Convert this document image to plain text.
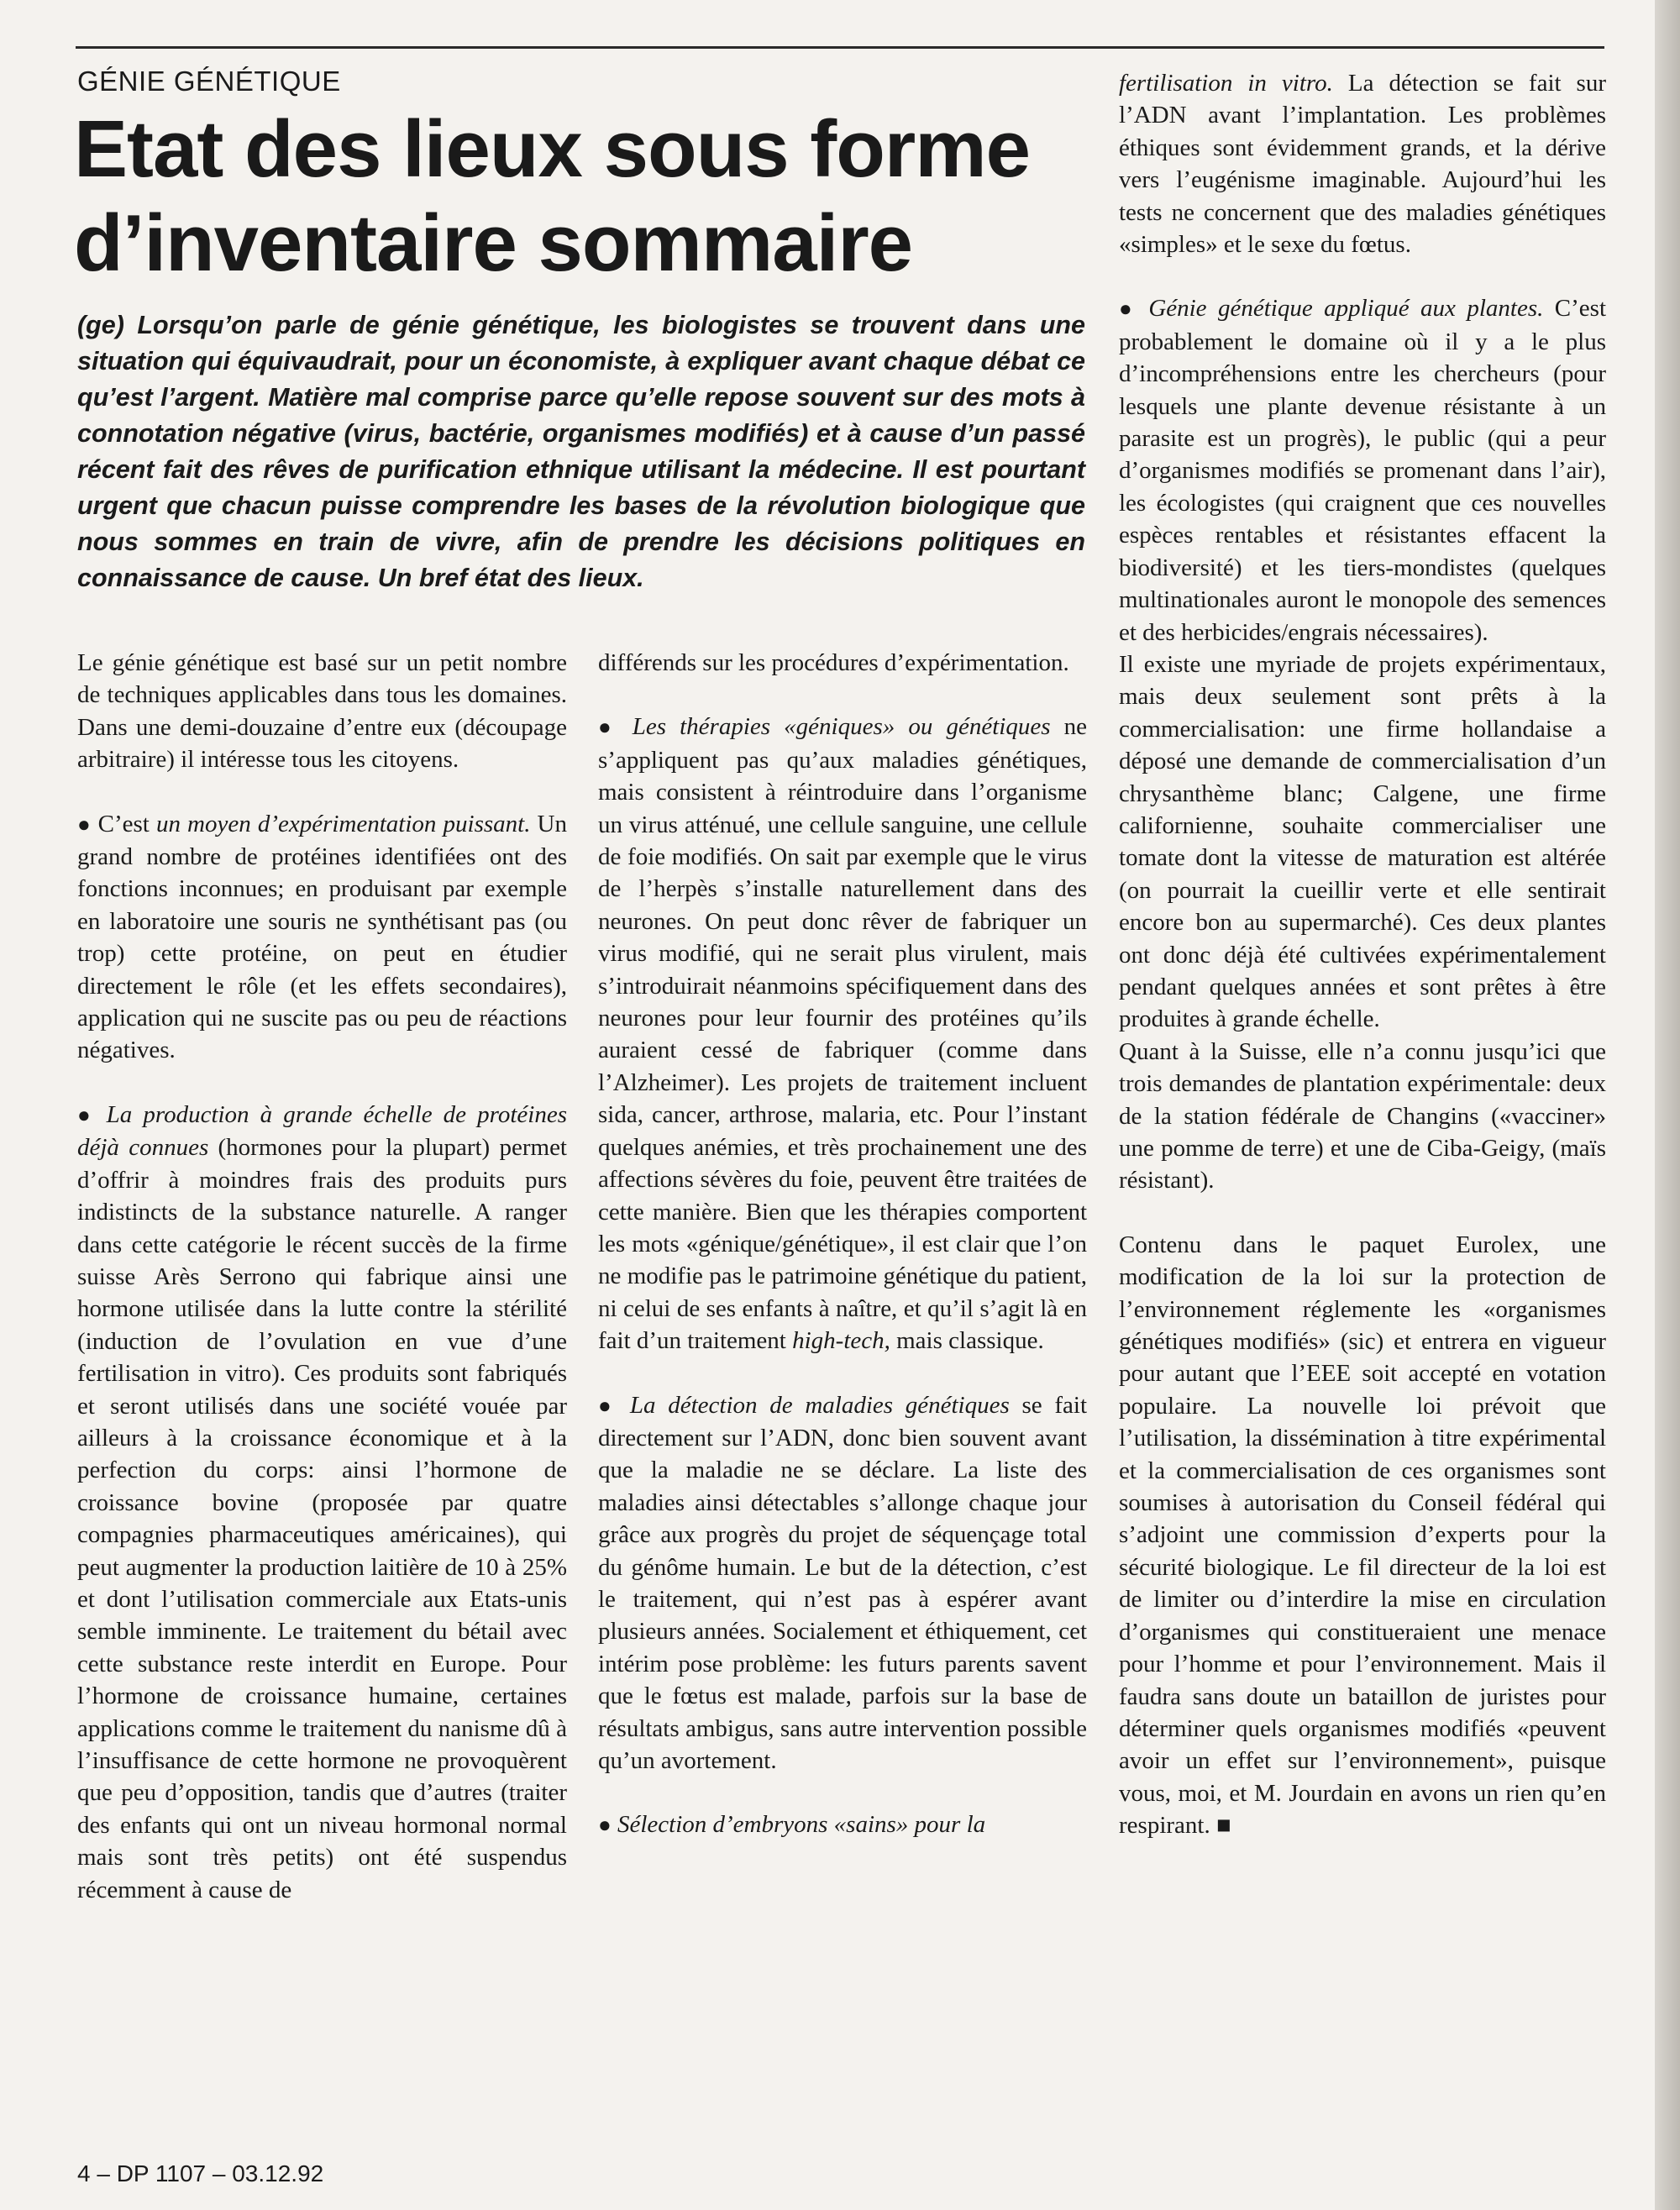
GÉNIE GÉNÉTIQUE
Etat des lieux sous forme d’inventaire sommaire
(ge) Lorsqu’on parle de génie génétique, les biologistes se trouvent dans une situation qui équivaudrait, pour un économiste, à expliquer avant chaque débat ce qu’est l’argent. Matière mal comprise parce qu’elle repose souvent sur des mots à connotation négative (virus, bactérie, organismes modifiés) et à cause d’un passé récent fait des rêves de purification ethnique utilisant la médecine. Il est pourtant urgent que chacun puisse comprendre les bases de la révolution biologique que nous sommes en train de vivre, afin de prendre les décisions politiques en connaissance de cause. Un bref état des lieux.

Le génie génétique est basé sur un petit nombre de techniques applicables dans tous les domaines. Dans une demi-douzaine d’entre eux (découpage arbitraire) il intéresse tous les citoyens.

● C’est un moyen d’expérimentation puissant. Un grand nombre de protéines identifiées ont des fonctions inconnues; en produisant par exemple en laboratoire une souris ne synthétisant pas (ou trop) cette protéine, on peut en étudier directement le rôle (et les effets secondaires), application qui ne suscite pas ou peu de réactions négatives.

● La production à grande échelle de protéines déjà connues (hormones pour la plupart) permet d’offrir à moindres frais des produits purs indistincts de la substance naturelle. A ranger dans cette catégorie le récent succès de la firme suisse Arès Serrono qui fabrique ainsi une hormone utilisée dans la lutte contre la stérilité (induction de l’ovulation en vue d’une fertilisation in vitro). Ces produits sont fabriqués et seront utilisés dans une société vouée par ailleurs à la croissance économique et à la perfection du corps: ainsi l’hormone de croissance bovine (proposée par quatre compagnies pharmaceutiques américaines), qui peut augmenter la production laitière de 10 à 25% et dont l’utilisation commerciale aux Etats-unis semble imminente. Le traitement du bétail avec cette substance reste interdit en Europe. Pour l’hormone de croissance humaine, certaines applications comme le traitement du nanisme dû à l’insuffisance de cette hormone ne provoquèrent que peu d’opposition, tandis que d’autres (traiter des enfants qui ont un niveau hormonal normal mais sont très petits) ont été suspendus récemment à cause de

différends sur les procédures d’expérimentation.

● Les thérapies «géniques» ou génétiques ne s’appliquent pas qu’aux maladies génétiques, mais consistent à réintroduire dans l’organisme un virus atténué, une cellule sanguine, une cellule de foie modifiés. On sait par exemple que le virus de l’herpès s’installe naturellement dans des neurones. On peut donc rêver de fabriquer un virus modifié, qui ne serait plus virulent, mais s’introduirait néanmoins spécifiquement dans des neurones pour leur fournir des protéines qu’ils auraient cessé de fabriquer (comme dans l’Alzheimer). Les projets de traitement incluent sida, cancer, arthrose, malaria, etc. Pour l’instant quelques anémies, et très prochainement une des affections sévères du foie, peuvent être traitées de cette manière. Bien que les thérapies comportent les mots «génique/génétique», il est clair que l’on ne modifie pas le patrimoine génétique du patient, ni celui de ses enfants à naître, et qu’il s’agit là en fait d’un traitement high-tech, mais classique.

● La détection de maladies génétiques se fait directement sur l’ADN, donc bien souvent avant que la maladie ne se déclare. La liste des maladies ainsi détectables s’allonge chaque jour grâce aux progrès du projet de séquençage total du génôme humain. Le but de la détection, c’est le traitement, qui n’est pas à espérer avant plusieurs années. Socialement et éthiquement, cet intérim pose problème: les futurs parents savent que le fœtus est malade, parfois sur la base de résultats ambigus, sans autre intervention possible qu’un avortement.

● Sélection d’embryons «sains» pour la

fertilisation in vitro. La détection se fait sur l’ADN avant l’implantation. Les problèmes éthiques sont évidemment grands, et la dérive vers l’eugénisme imaginable. Aujourd’hui les tests ne concernent que des maladies génétiques «simples» et le sexe du fœtus.

● Génie génétique appliqué aux plantes. C’est probablement le domaine où il y a le plus d’incompréhensions entre les chercheurs (pour lesquels une plante devenue résistante à un parasite est un progrès), le public (qui a peur d’organismes modifiés se promenant dans l’air), les écologistes (qui craignent que ces nouvelles espèces rentables et résistantes effacent la biodiversité) et les tiers-mondistes (quelques multinationales auront le monopole des semences et des herbicides/engrais nécessaires).

Il existe une myriade de projets expérimentaux, mais deux seulement sont prêts à la commercialisation: une firme hollandaise a déposé une demande de commercialisation d’un chrysanthème blanc; Calgene, une firme californienne, souhaite commercialiser une tomate dont la vitesse de maturation est altérée (on pourrait la cueillir verte et elle sentirait encore bon au supermarché). Ces deux plantes ont donc déjà été cultivées expérimentalement pendant quelques années et sont prêtes à être produites à grande échelle.

Quant à la Suisse, elle n’a connu jusqu’ici que trois demandes de plantation expérimentale: deux de la station fédérale de Changins («vacciner» une pomme de terre) et une de Ciba-Geigy, (maïs résistant).

Contenu dans le paquet Eurolex, une modification de la loi sur la protection de l’environnement réglemente les «organismes génétiques modifiés» (sic) et entrera en vigueur pour autant que l’EEE soit accepté en votation populaire. La nouvelle loi prévoit que l’utilisation, la dissémination à titre expérimental et la commercialisation de ces organismes sont soumises à autorisation du Conseil fédéral qui s’adjoint une commission d’experts pour la sécurité biologique. Le fil directeur de la loi est de limiter ou d’interdire la mise en circulation d’organismes qui constitueraient une menace pour l’homme et pour l’environnement. Mais il faudra sans doute un bataillon de juristes pour déterminer quels organismes modifiés «peuvent avoir un effet sur l’environnement», puisque vous, moi, et M. Jourdain en avons un rien qu’en respirant. ■

4 – DP 1107 – 03.12.92
